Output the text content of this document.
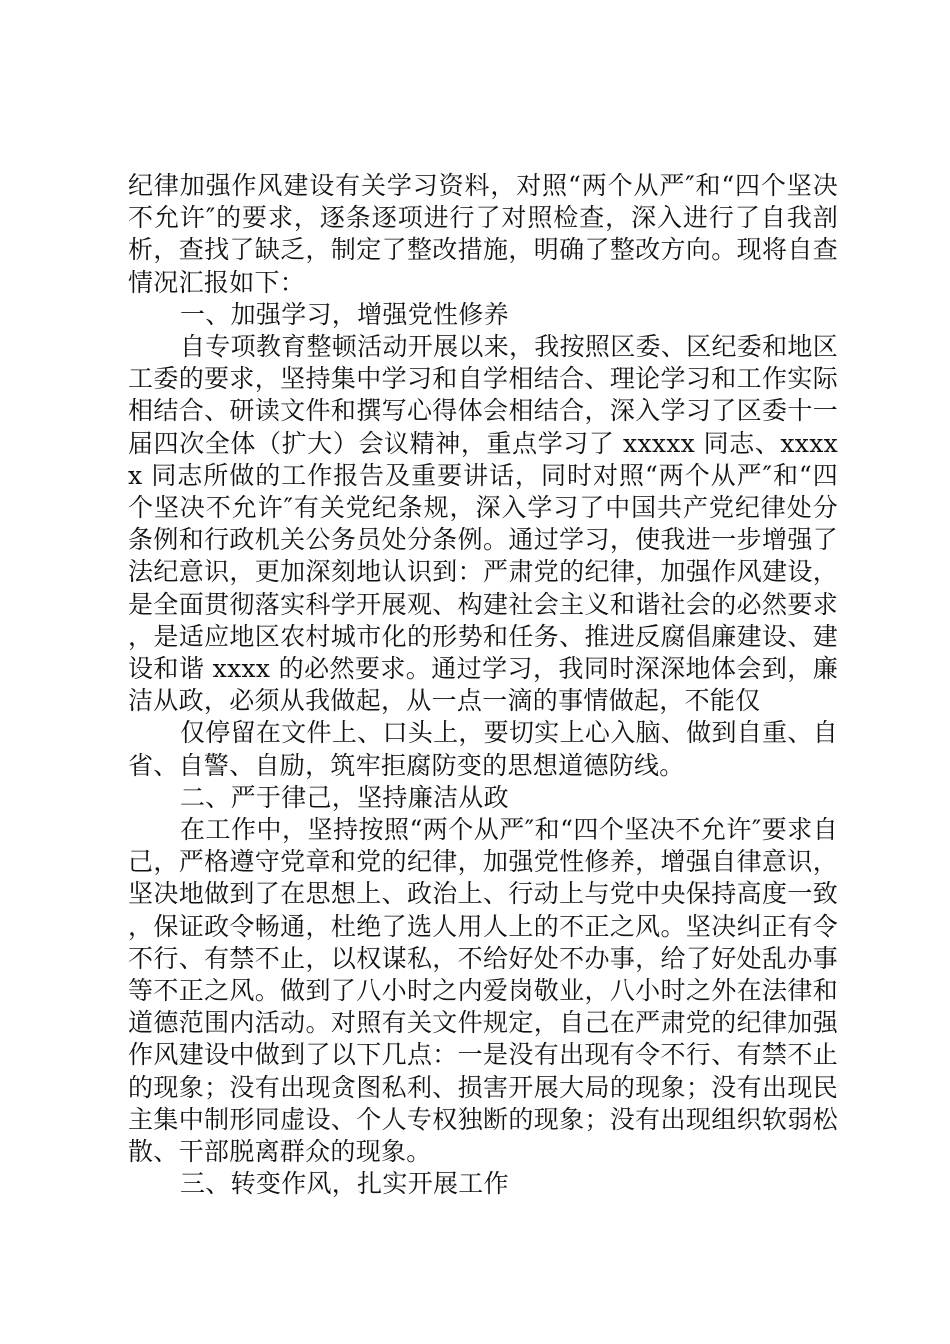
纪律加强作风建设有关学习资料，对照“两个从严″和“四个坚决不允许″的要求，逐条逐项进行了对照检查，深入进行了自我剖析，查找了缺乏，制定了整改措施，明确了整改方向。现将自查情况汇报如下：

一、加强学习，增强党性修养

自专项教育整顿活动开展以来，我按照区委、区纪委和地区工委的要求，坚持集中学习和自学相结合、理论学习和工作实际相结合、研读文件和撰写心得体会相结合，深入学习了区委十一届四次全体（扩大）会议精神，重点学习了 xxxxx 同志、xxxxx 同志所做的工作报告及重要讲话，同时对照“两个从严″和“四个坚决不允许″有关党纪条规，深入学习了中国共产党纪律处分条例和行政机关公务员处分条例。通过学习，使我进一步增强了法纪意识，更加深刻地认识到：严肃党的纪律，加强作风建设，是全面贯彻落实科学开展观、构建社会主义和谐社会的必然要求，是适应地区农村城市化的形势和任务、推进反腐倡廉建设、建设和谐 xxxx 的必然要求。通过学习，我同时深深地体会到，廉洁从政，必须从我做起，从一点一滴的事情做起，不能仅

仅停留在文件上、口头上，要切实上心入脑、做到自重、自省、自警、自励，筑牢拒腐防变的思想道德防线。

二、严于律己，坚持廉洁从政

在工作中，坚持按照“两个从严″和“四个坚决不允许″要求自己，严格遵守党章和党的纪律，加强党性修养，增强自律意识，坚决地做到了在思想上、政治上、行动上与党中央保持高度一致，保证政令畅通，杜绝了选人用人上的不正之风。坚决纠正有令不行、有禁不止，以权谋私，不给好处不办事，给了好处乱办事等不正之风。做到了八小时之内爱岗敬业，八小时之外在法律和道德范围内活动。对照有关文件规定，自己在严肃党的纪律加强作风建设中做到了以下几点：一是没有出现有令不行、有禁不止的现象；没有出现贪图私利、损害开展大局的现象；没有出现民主集中制形同虚设、个人专权独断的现象；没有出现组织软弱松散、干部脱离群众的现象。

三、转变作风，扎实开展工作
